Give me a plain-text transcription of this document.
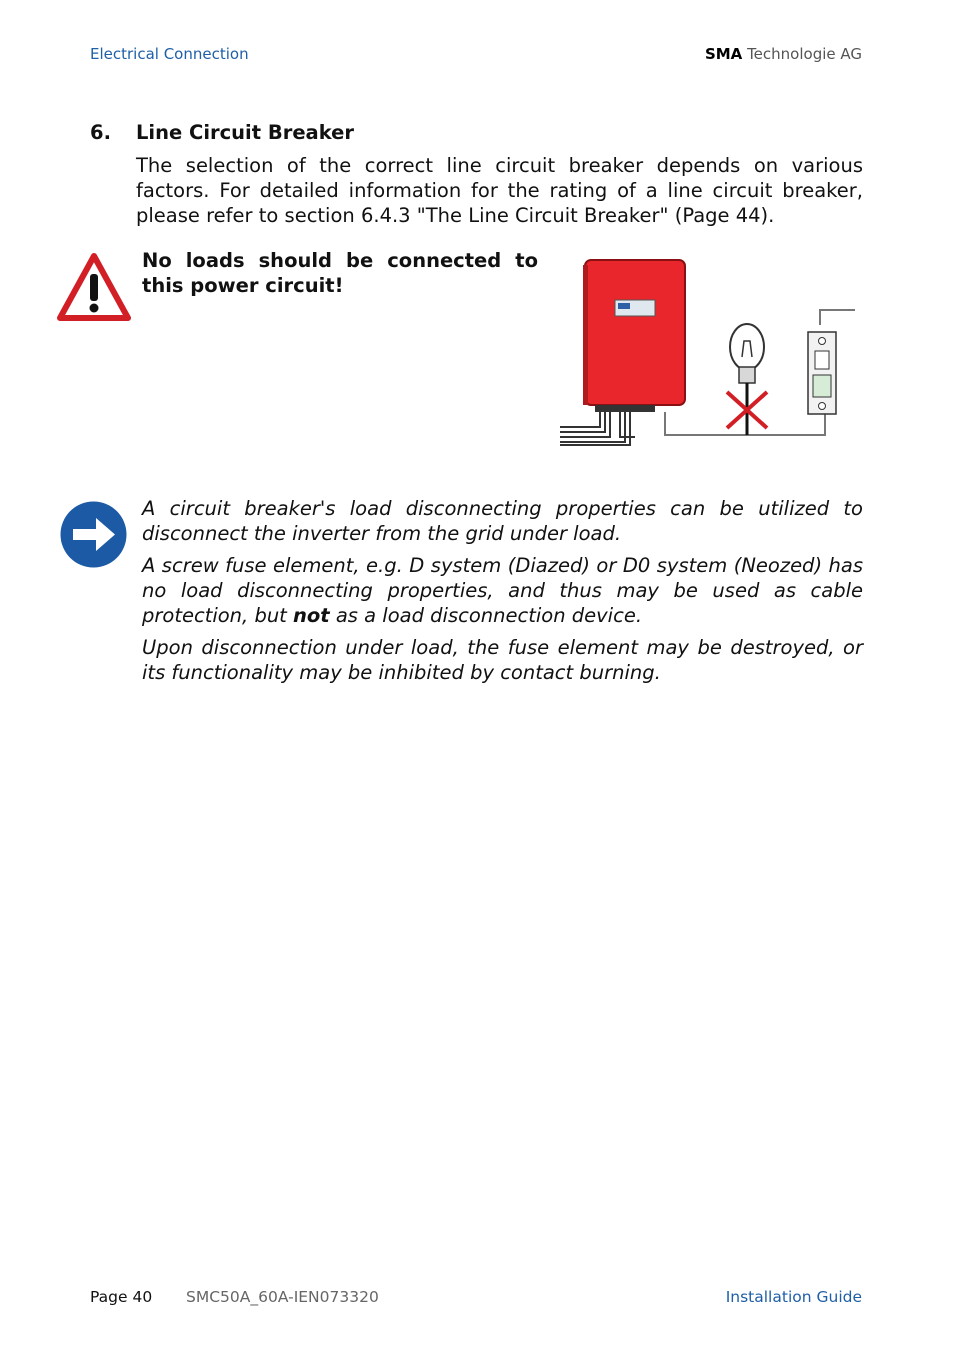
Electrical Connection	SMA Technologie AG
6. Line Circuit Breaker
The selection of the correct line circuit breaker depends on various factors. For detailed information for the rating of a line circuit breaker, please refer to section 6.4.3 "The Line Circuit Breaker" (Page 44).
No loads should be connected to this power circuit!

A circuit breaker's load disconnecting properties can be utilized to disconnect the inverter from the grid under load.

A screw fuse element, e.g. D system (Diazed) or D0 system (Neozed) has no load disconnecting properties, and thus may be used as cable protection, but not as a load disconnection device.

Upon disconnection under load, the fuse element may be destroyed, or its functionality may be inhibited by contact burning.

Page 40 SMC50A_60A-IEN073320	Installation Guide
